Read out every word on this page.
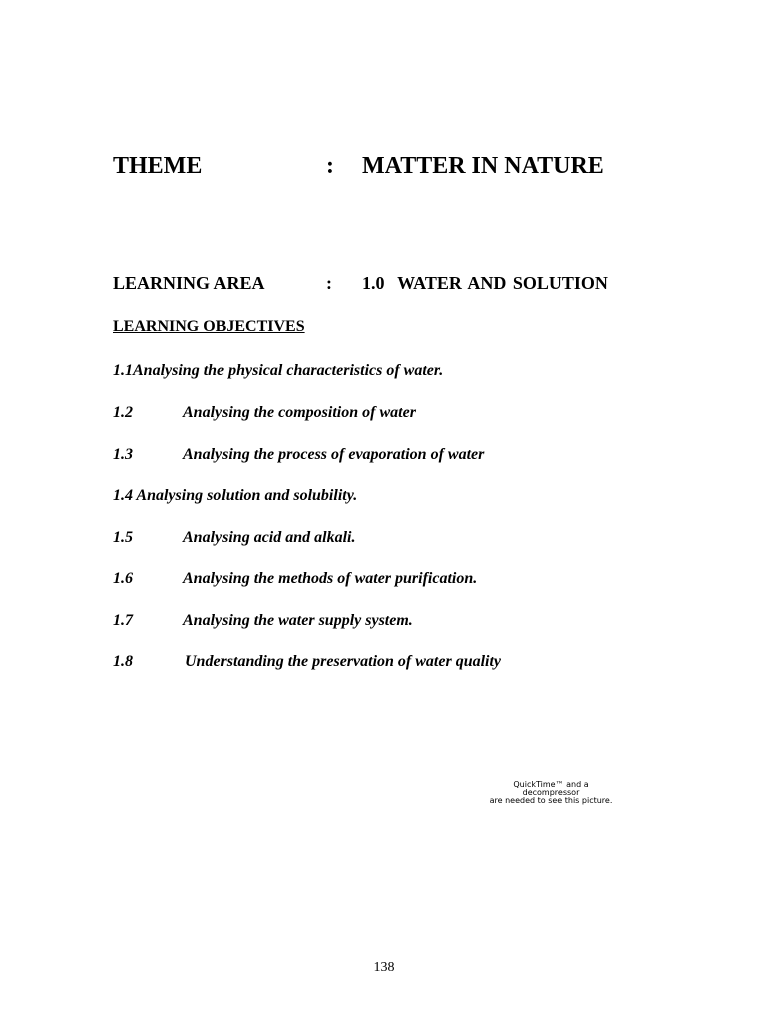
THEME	: MATTER IN NATURE
LEARNING AREA	: 1.0  WATER AND SOLUTION
LEARNING OBJECTIVES
1.1Analysing the physical characteristics of water.
1.2	Analysing the composition of water
1.3	Analysing the process of evaporation of water
1.4 Analysing solution and solubility.
1.5	Analysing acid and alkali.
1.6	Analysing the methods of water purification.
1.7	Analysing the water supply system.
1.8	Understanding the preservation of water quality
QuickTime™ and a
decompressor
are needed to see this picture.
138
